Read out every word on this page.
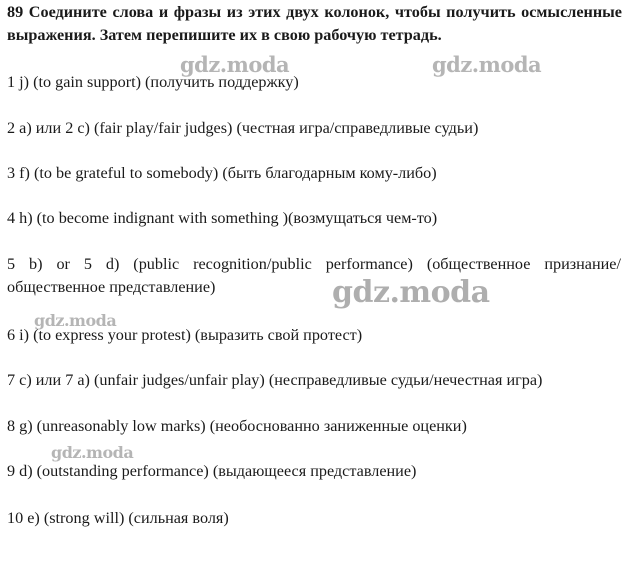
89 Соедините слова и фразы из этих двух колонок, чтобы получить осмысленные выражения. Затем перепишите их в свою рабочую тетрадь.

1 j) (to gain support) (получить поддержку)

2 а) или 2 с) (fair play/fair judges) (честная игра/справедливые судьи)

3 f) (to be grateful to somebody) (быть благодарным кому-либо)

4 h) (to become indignant with something )(возмущаться чем-то)

5 b) or 5 d) (public recognition/public performance) (общественное признание/общественное представление)

6 i) (to express your protest) (выразить свой протест)

7 c) или 7 а) (unfair judges/unfair play) (несправедливые судьи/нечестная игра)

8 g) (unreasonably low marks) (необоснованно заниженные оценки)

9 d) (outstanding performance) (выдающееся представление)

10 e) (strong will) (сильная воля)

gdz.moda	gdz.moda
gdz.moda
gdz.moda
gdz.moda
